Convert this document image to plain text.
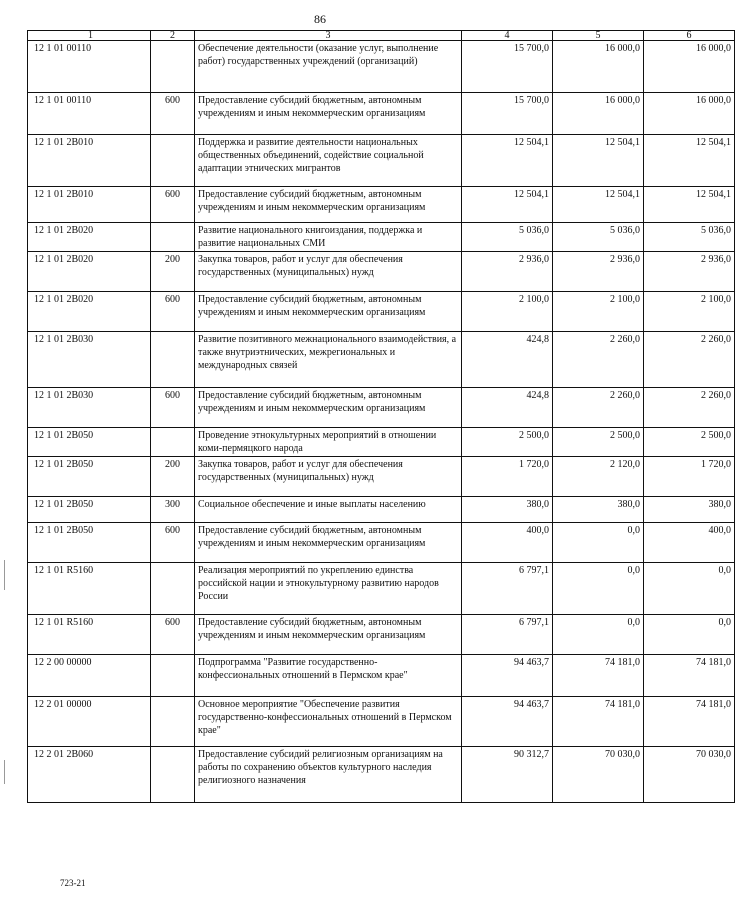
86
1	2	3	4	5	6
12 1 01 00110		Обеспечение деятельности (оказание услуг, выполнение работ) государственных учреждений (организаций)	15 700,0	16 000,0	16 000,0
12 1 01 00110	600	Предоставление субсидий бюджетным, автономным учреждениям и иным некоммерческим организациям	15 700,0	16 000,0	16 000,0
12 1 01 2В010		Поддержка и развитие деятельности национальных общественных объединений, содействие социальной адаптации этнических мигрантов	12 504,1	12 504,1	12 504,1
12 1 01 2В010	600	Предоставление субсидий бюджетным, автономным учреждениям и иным некоммерческим организациям	12 504,1	12 504,1	12 504,1
12 1 01 2В020		Развитие национального книгоиздания, поддержка и развитие национальных СМИ	5 036,0	5 036,0	5 036,0
12 1 01 2В020	200	Закупка товаров, работ и услуг для обеспечения государственных (муниципальных) нужд	2 936,0	2 936,0	2 936,0
12 1 01 2В020	600	Предоставление субсидий бюджетным, автономным учреждениям и иным некоммерческим организациям	2 100,0	2 100,0	2 100,0
12 1 01 2В030		Развитие позитивного межнационального взаимодействия, а также внутриэтнических, межрегиональных и международных связей	424,8	2 260,0	2 260,0
12 1 01 2В030	600	Предоставление субсидий бюджетным, автономным учреждениям и иным некоммерческим организациям	424,8	2 260,0	2 260,0
12 1 01 2В050		Проведение этнокультурных мероприятий в отношении коми-пермяцкого народа	2 500,0	2 500,0	2 500,0
12 1 01 2В050	200	Закупка товаров, работ и услуг для обеспечения государственных (муниципальных) нужд	1 720,0	2 120,0	1 720,0
12 1 01 2В050	300	Социальное обеспечение и иные выплаты населению	380,0	380,0	380,0
12 1 01 2В050	600	Предоставление субсидий бюджетным, автономным учреждениям и иным некоммерческим организациям	400,0	0,0	400,0
12 1 01 R5160		Реализация мероприятий по укреплению единства российской нации и этнокультурному развитию народов России	6 797,1	0,0	0,0
12 1 01 R5160	600	Предоставление субсидий бюджетным, автономным учреждениям и иным некоммерческим организациям	6 797,1	0,0	0,0
12 2 00 00000		Подпрограмма "Развитие государственно-конфессиональных отношений в Пермском крае"	94 463,7	74 181,0	74 181,0
12 2 01 00000		Основное мероприятие "Обеспечение развития государственно-конфессиональных отношений в Пермском крае"	94 463,7	74 181,0	74 181,0
12 2 01 2В060		Предоставление субсидий религиозным организациям на работы по сохранению объектов культурного наследия религиозного назначения	90 312,7	70 030,0	70 030,0
723-21
